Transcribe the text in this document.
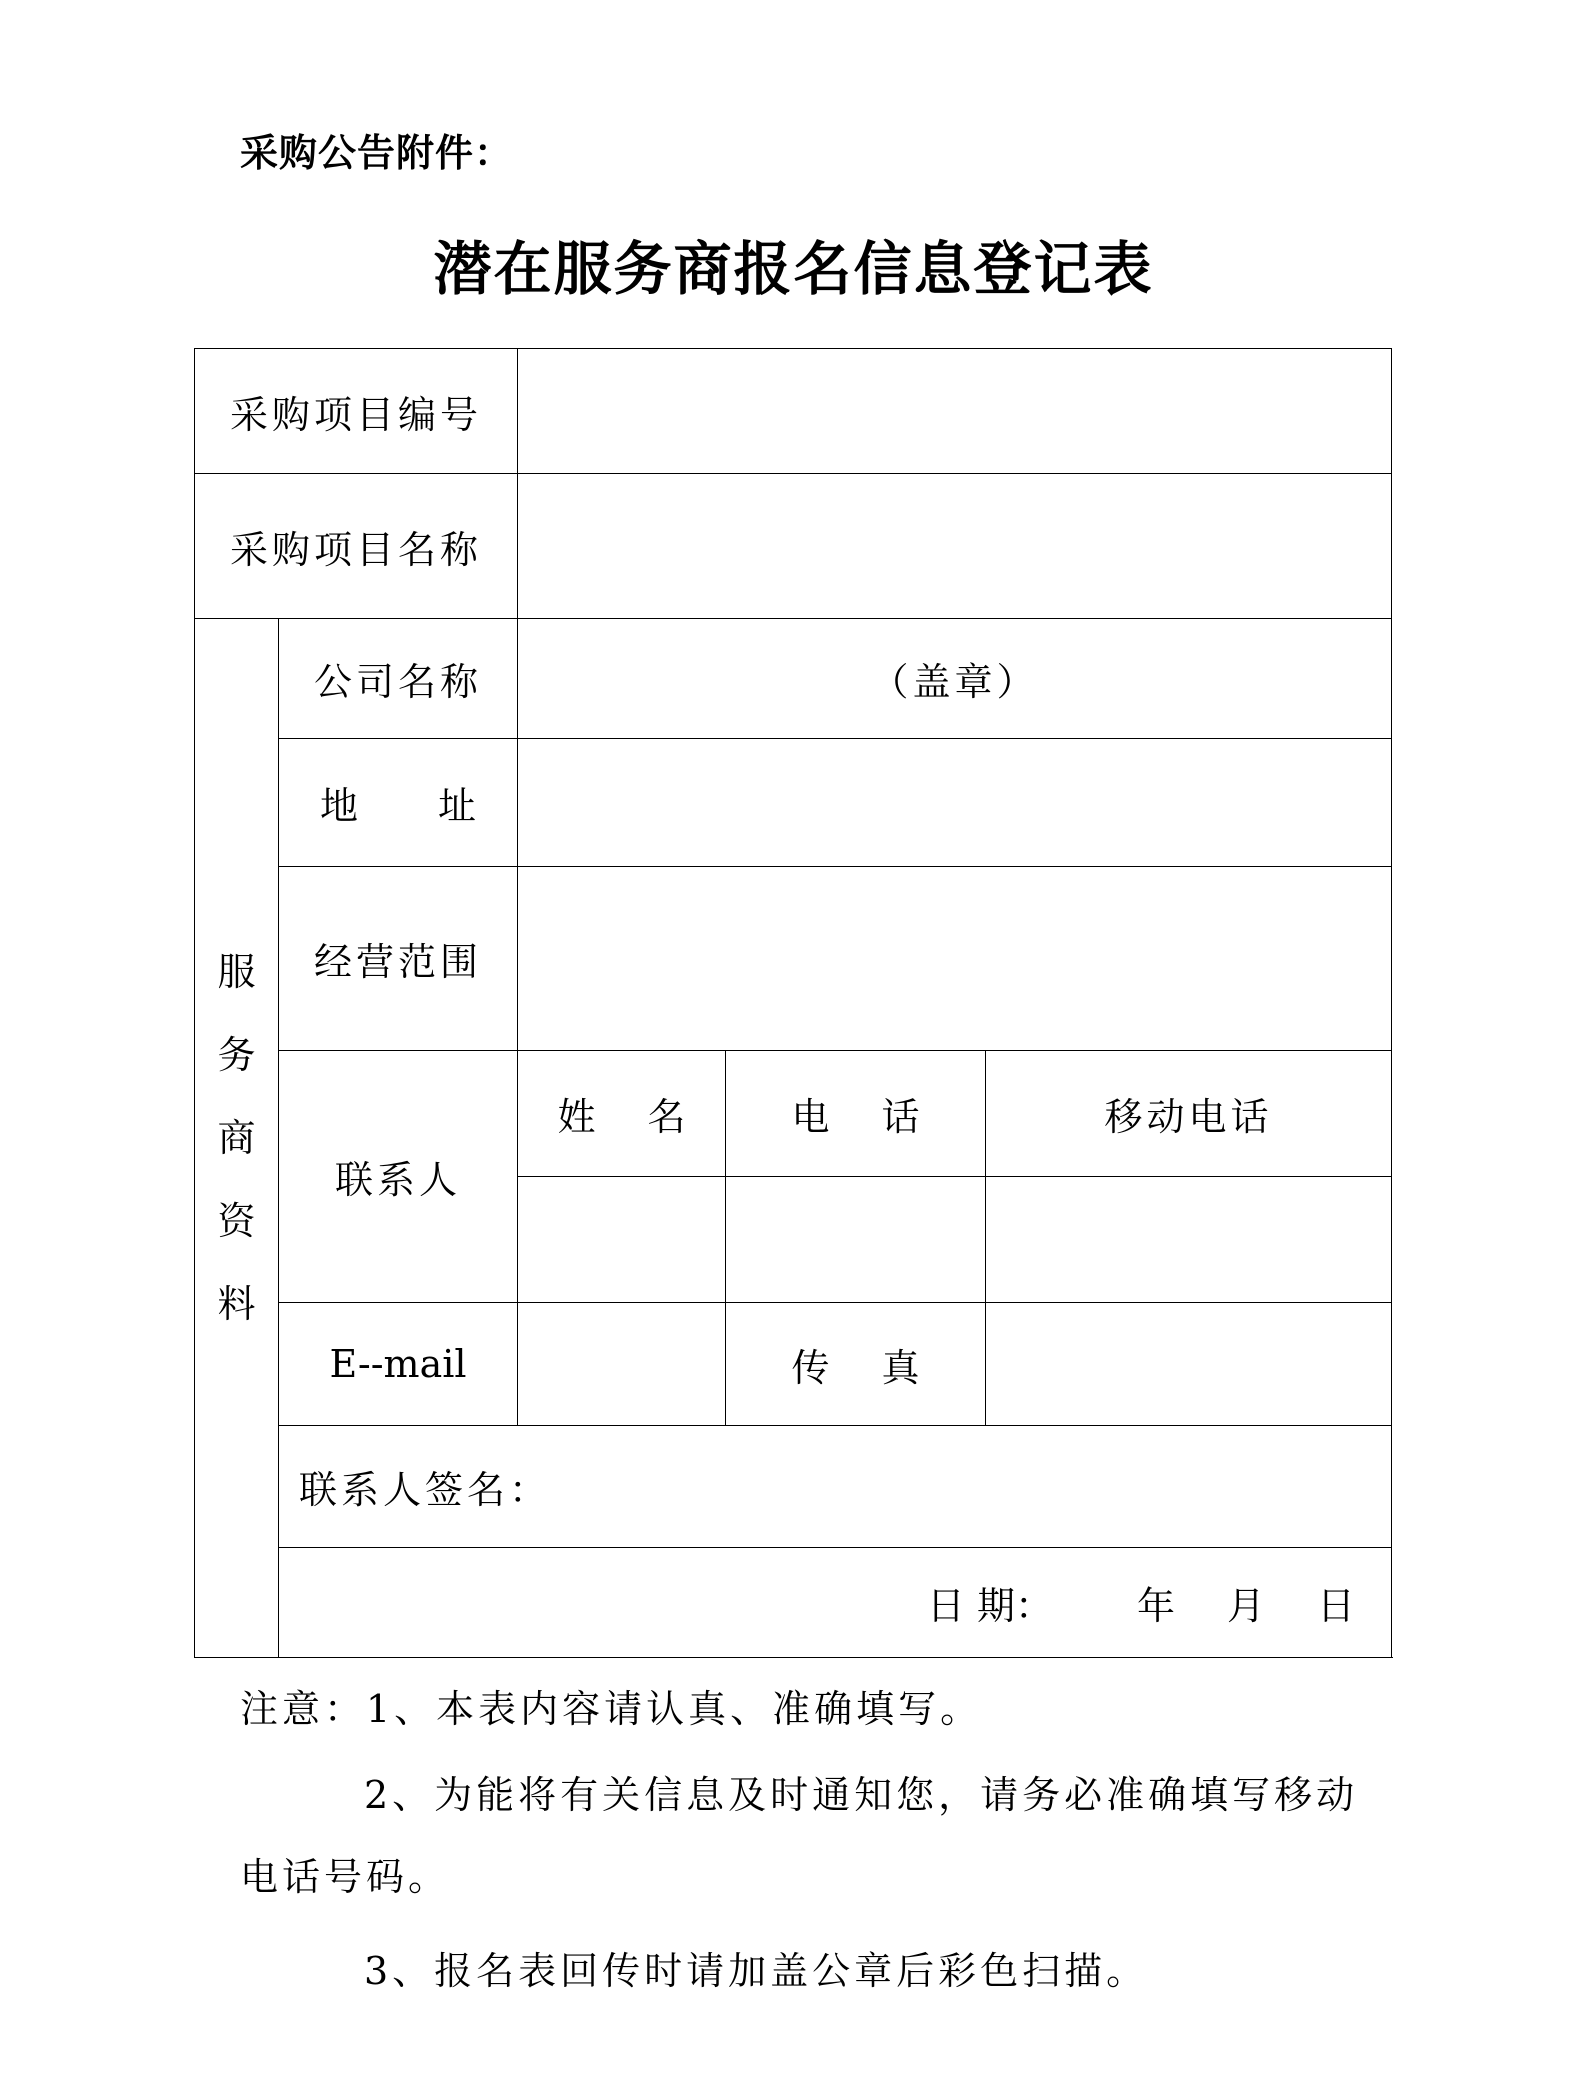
采购公告附件：
潜在服务商报名信息登记表
采购项目编号				
采购项目名称				
服务商资料	公司名称	（盖章）		
	地 址			
	经营范围			
	联系人	姓 名	电 话	移动电话

	E--mail		传 真	
	联系人签名：			
	日 期： 年 月 日			

注意：1、本表内容请认真、准确填写。

2、为能将有关信息及时通知您，请务必准确填写移动电话号码。

3、报名表回传时请加盖公章后彩色扫描。
